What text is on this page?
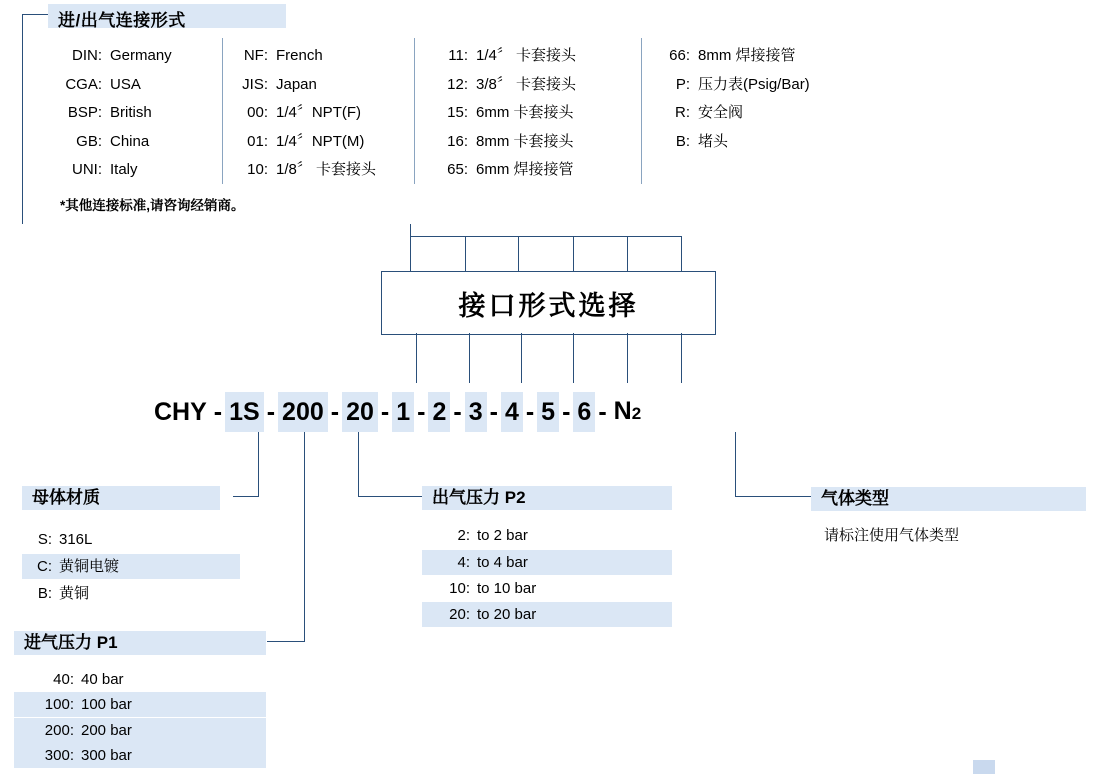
进/出气连接形式
DIN: Germany
CGA: USA
BSP: British
GB: China
UNI: Italy
NF: French
JIS: Japan
00: 1/4〞NPT(F)
01: 1/4〞NPT(M)
10: 1/8〞 卡套接头
11: 1/4〞 卡套接头
12: 3/8〞 卡套接头
15: 6mm 卡套接头
16: 8mm 卡套接头
65: 6mm 焊接接管
66: 8mm 焊接接管
P: 压力表(Psig/Bar)
R: 安全阀
B: 堵头
*其他连接标准,请咨询经销商。
接口形式选择
CHY - 1S - 200 - 20 - 1 - 2 - 3 - 4 - 5 - 6 - N2
母体材质
S: 316L
C: 黄铜电镀
B: 黄铜
进气压力 P1
40: 40 bar
100: 100 bar
200: 200 bar
300: 300 bar
出气压力 P2
2: to 2 bar
4: to 4 bar
10: to 10 bar
20: to 20 bar
气体类型
请标注使用气体类型
